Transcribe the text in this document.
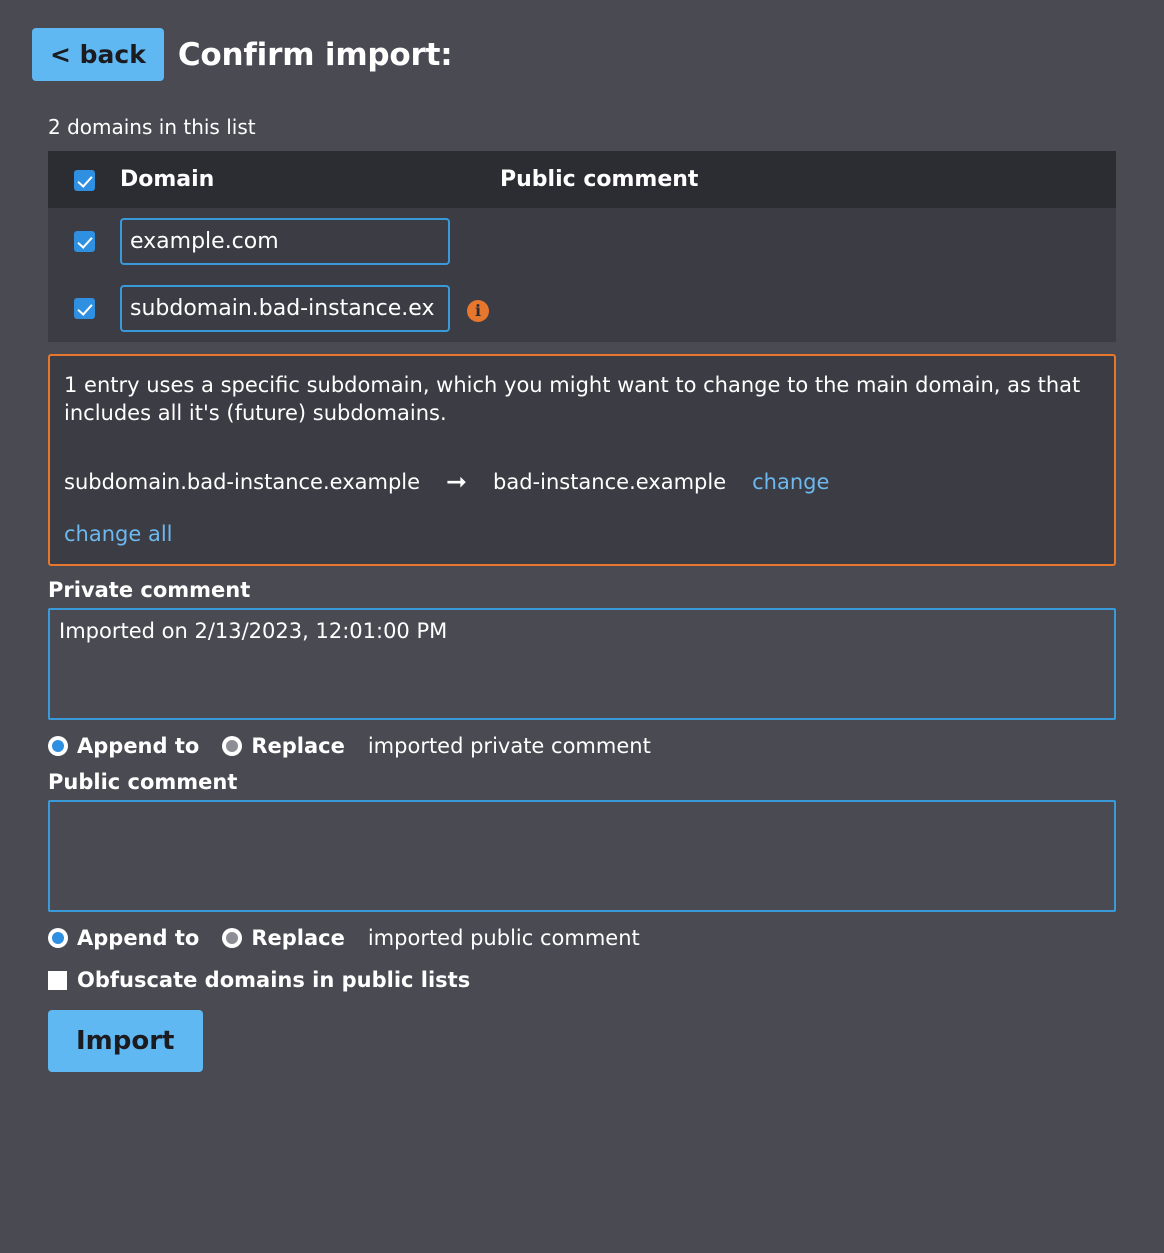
< back	Confirm import:
2 domains in this list
	Domain	Public comment
	example.com	
	subdomain.bad-instance.ex i	
1 entry uses a specific subdomain, which you might want to change to the main domain, as that includes all it's (future) subdomains.
subdomain.bad-instance.example ➞ bad-instance.example change
change all
Private comment
Imported on 2/13/2023, 12:01:00 PM
Append to Replace imported private comment
Public comment
Append to Replace imported public comment
Obfuscate domains in public lists
Import
